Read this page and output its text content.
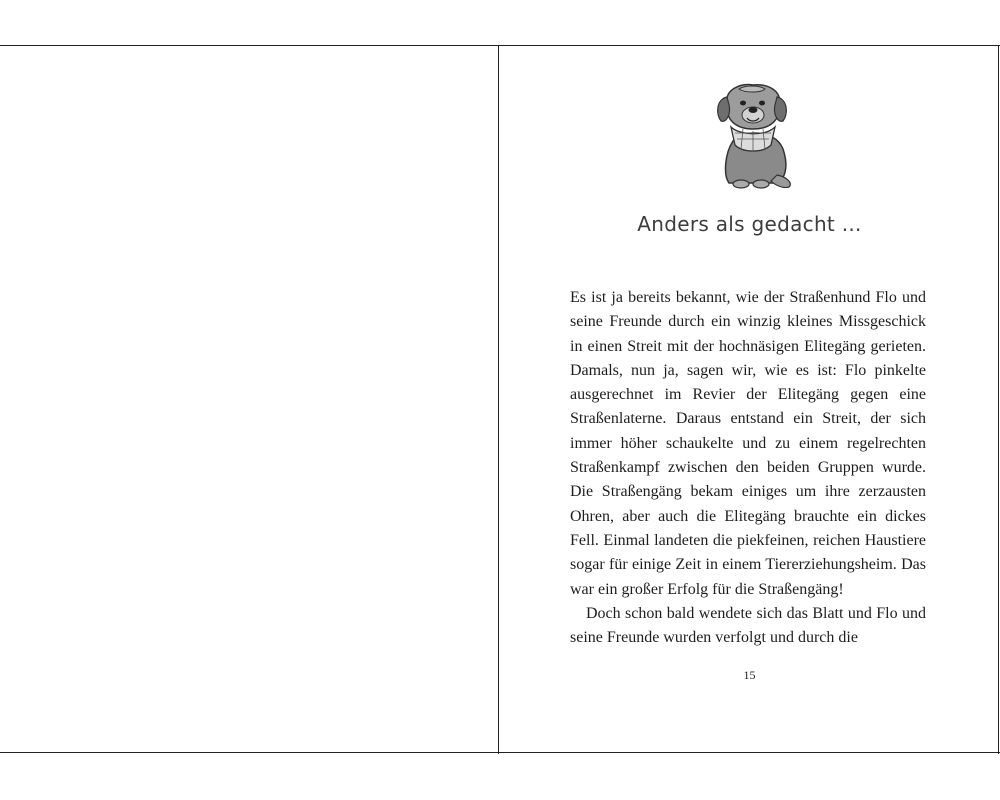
Anders als gedacht ...

Es ist ja bereits bekannt, wie der Straßenhund Flo und seine Freunde durch ein winzig kleines Missgeschick in einen Streit mit der hochnäsigen Elitegäng gerieten. Damals, nun ja, sagen wir, wie es ist: Flo pinkelte ausgerechnet im Revier der Elitegäng gegen eine Straßenlaterne. Daraus entstand ein Streit, der sich immer höher schaukelte und zu einem regelrechten Straßenkampf zwischen den beiden Gruppen wurde. Die Straßengäng bekam einiges um ihre zerzausten Ohren, aber auch die Elitegäng brauchte ein dickes Fell. Einmal landeten die piekfeinen, reichen Haustiere sogar für einige Zeit in einem Tiererziehungsheim. Das war ein großer Erfolg für die Straßengäng!

Doch schon bald wendete sich das Blatt und Flo und seine Freunde wurden verfolgt und durch die

15
